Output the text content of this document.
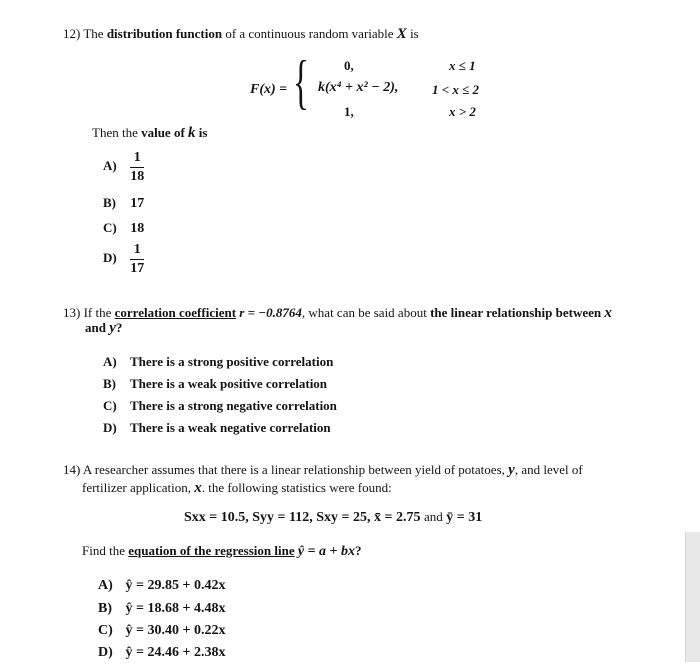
12) The distribution function of a continuous random variable X is
F(x) = {	0,	x ≤ 1
k(x⁴ + x² − 2),	1 < x ≤ 2
1,	x > 2
Then the value of k is
$A) \frac{1}{18}$
B) 17
C) 18
$D) \frac{1}{17}$
13) If the correlation coefficient r = −0.8764, what can be said about the linear relationship between x
and y?
A) There is a strong positive correlation
B) There is a weak positive correlation
C) There is a strong negative correlation
D) There is a weak negative correlation
14) A researcher assumes that there is a linear relationship between yield of potatoes, y, and level of
fertilizer application, x. the following statistics were found:
Sxx = 10.5, Syy = 112, Sxy = 25, x̄ = 2.75 and ȳ = 31
Find the equation of the regression line ŷ = a + bx?
A) ŷ = 29.85 + 0.42x
B) ŷ = 18.68 + 4.48x
C) ŷ = 30.40 + 0.22x
D) ŷ = 24.46 + 2.38x
